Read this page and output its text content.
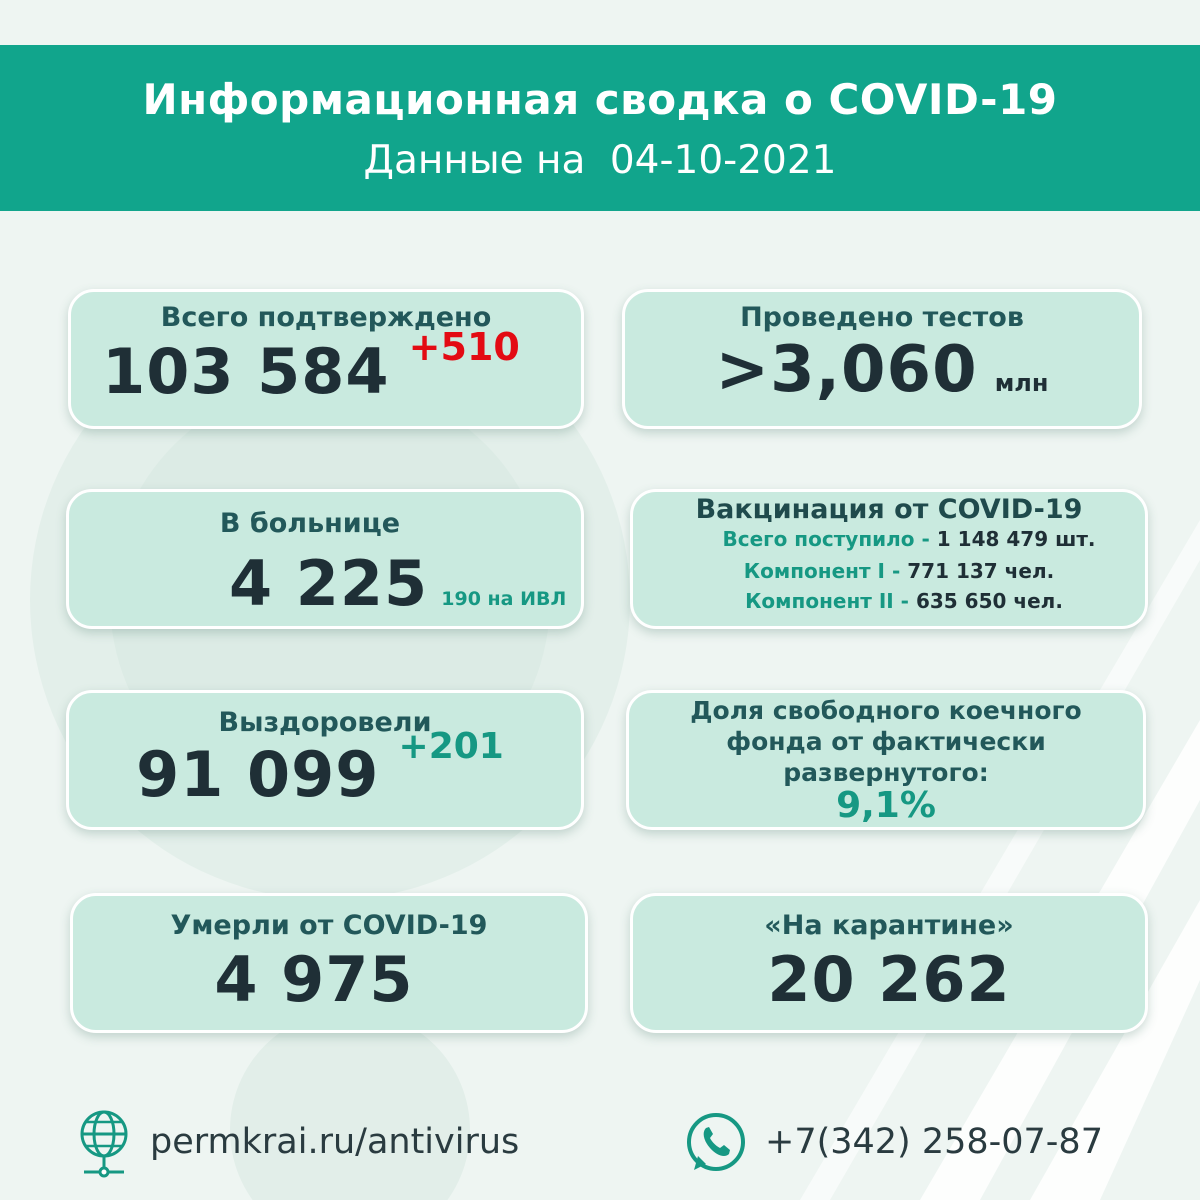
Информационная сводка о COVID-19
Данные на 04-10-2021
Всего подтверждено
103 584 +510
Проведено тестов
>3,060 млн
В больнице
4 225 190 на ИВЛ
Вакцинация от COVID-19
Всего поступило - 1 148 479 шт.
Компонент I - 771 137 чел.
Компонент II - 635 650 чел.
Выздоровели
91 099 +201
Доля свободного коечного
фонда от фактически
развернутого:
9,1%
Умерли от COVID-19
4 975
«На карантине»
20 262
permkrai.ru/antivirus	+7(342) 258-07-87
